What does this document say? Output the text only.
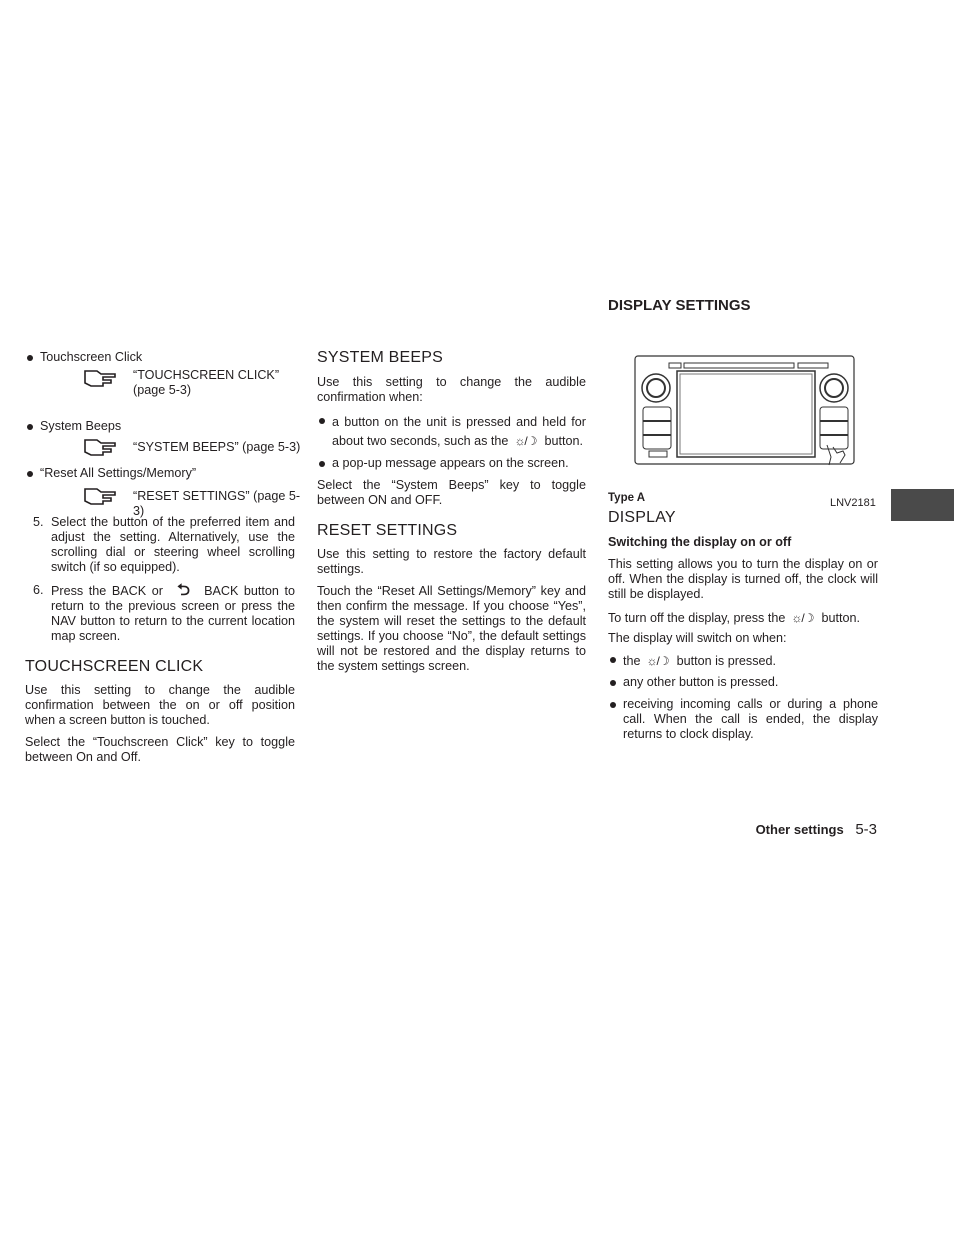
Touchscreen Click

“TOUCHSCREEN CLICK” (page 5-3)

System Beeps

“SYSTEM BEEPS” (page 5-3)

“Reset All Settings/Memory”

“RESET SETTINGS” (page 5-3)

5. Select the button of the preferred item and adjust the setting. Alternatively, use the scrolling dial or steering wheel scrolling switch (if so equipped).
6. Press the BACK or ⮌ BACK button to return to the previous screen or press the NAV button to return to the current location map screen.
TOUCHSCREEN CLICK

Use this setting to change the audible confirmation between the on or off position when a screen button is touched.

Select the “Touchscreen Click” key to toggle between On and Off.

SYSTEM BEEPS

Use this setting to change the audible confirmation when:

a button on the unit is pressed and held for about two seconds, such as the☼/☽	button.
a pop-up message appears on the screen.

Select the “System Beeps” key to toggle between ON and OFF.

RESET SETTINGS

Use this setting to restore the factory default settings.

Touch the “Reset All Settings/Memory” key and then confirm the message. If you choose “Yes”, the system will reset the settings to the default settings. If you choose “No”, the default settings will not be restored and the display returns to the system settings screen.

DISPLAY SETTINGS

Type A	LNV2181

DISPLAY
Switching the display on or off

This setting allows you to turn the display on or off. When the display is turned off, the clock will still be displayed.

To turn off the display, press the ☼/☽	button.

The display will switch on when:

the ☼/☽	button is pressed.
any other button is pressed.
receiving incoming calls or during a phone call. When the call is ended, the display returns to clock display.
Other settings 5-3
